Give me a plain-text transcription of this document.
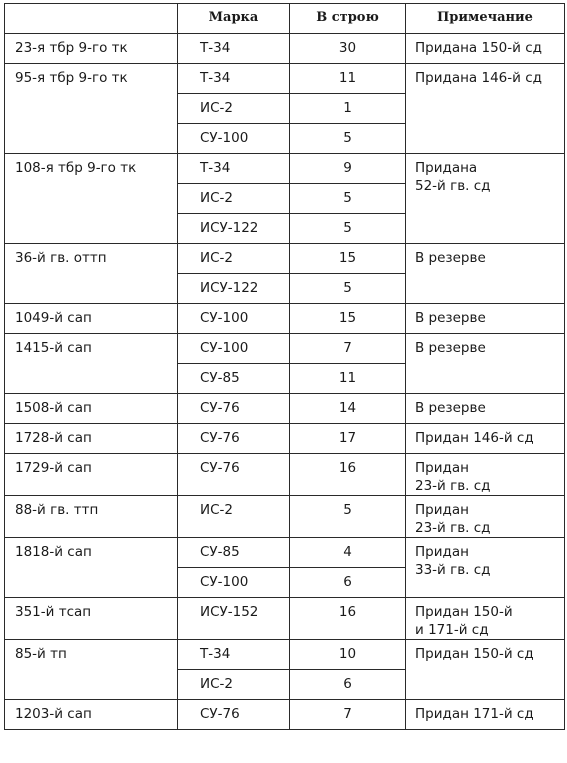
	Марка	В строю	Примечание
23-я тбр 9-го тк	Т-34	30	Придана 150-й сд

95-я тбр 9-го тк	Т-34	11	Придана 146-й сд

	ИС-2	1	
	СУ-100	5	
108-я тбр 9-го тк	Т-34	9	Придана
52-й гв. сд

	ИС-2	5	
	ИСУ-122	5	
36-й гв. оттп	ИС-2	15	В резерве

	ИСУ-122	5	
1049-й сап	СУ-100	15	В резерве

1415-й сап	СУ-100	7	В резерве

	СУ-85	11	
1508-й сап	СУ-76	14	В резерве

1728-й сап	СУ-76	17	Придан 146-й сд

1729-й сап	СУ-76	16	Придан
23-й гв. сд

88-й гв. ттп	ИС-2	5	Придан
23-й гв. сд

1818-й сап	СУ-85	4	Придан
33-й гв. сд

	СУ-100	6	
351-й тсап	ИСУ-152	16	Придан 150-й
и 171-й сд

85-й тп	Т-34	10	Придан 150-й сд

	ИС-2	6	
1203-й сап	СУ-76	7	Придан 171-й сд
